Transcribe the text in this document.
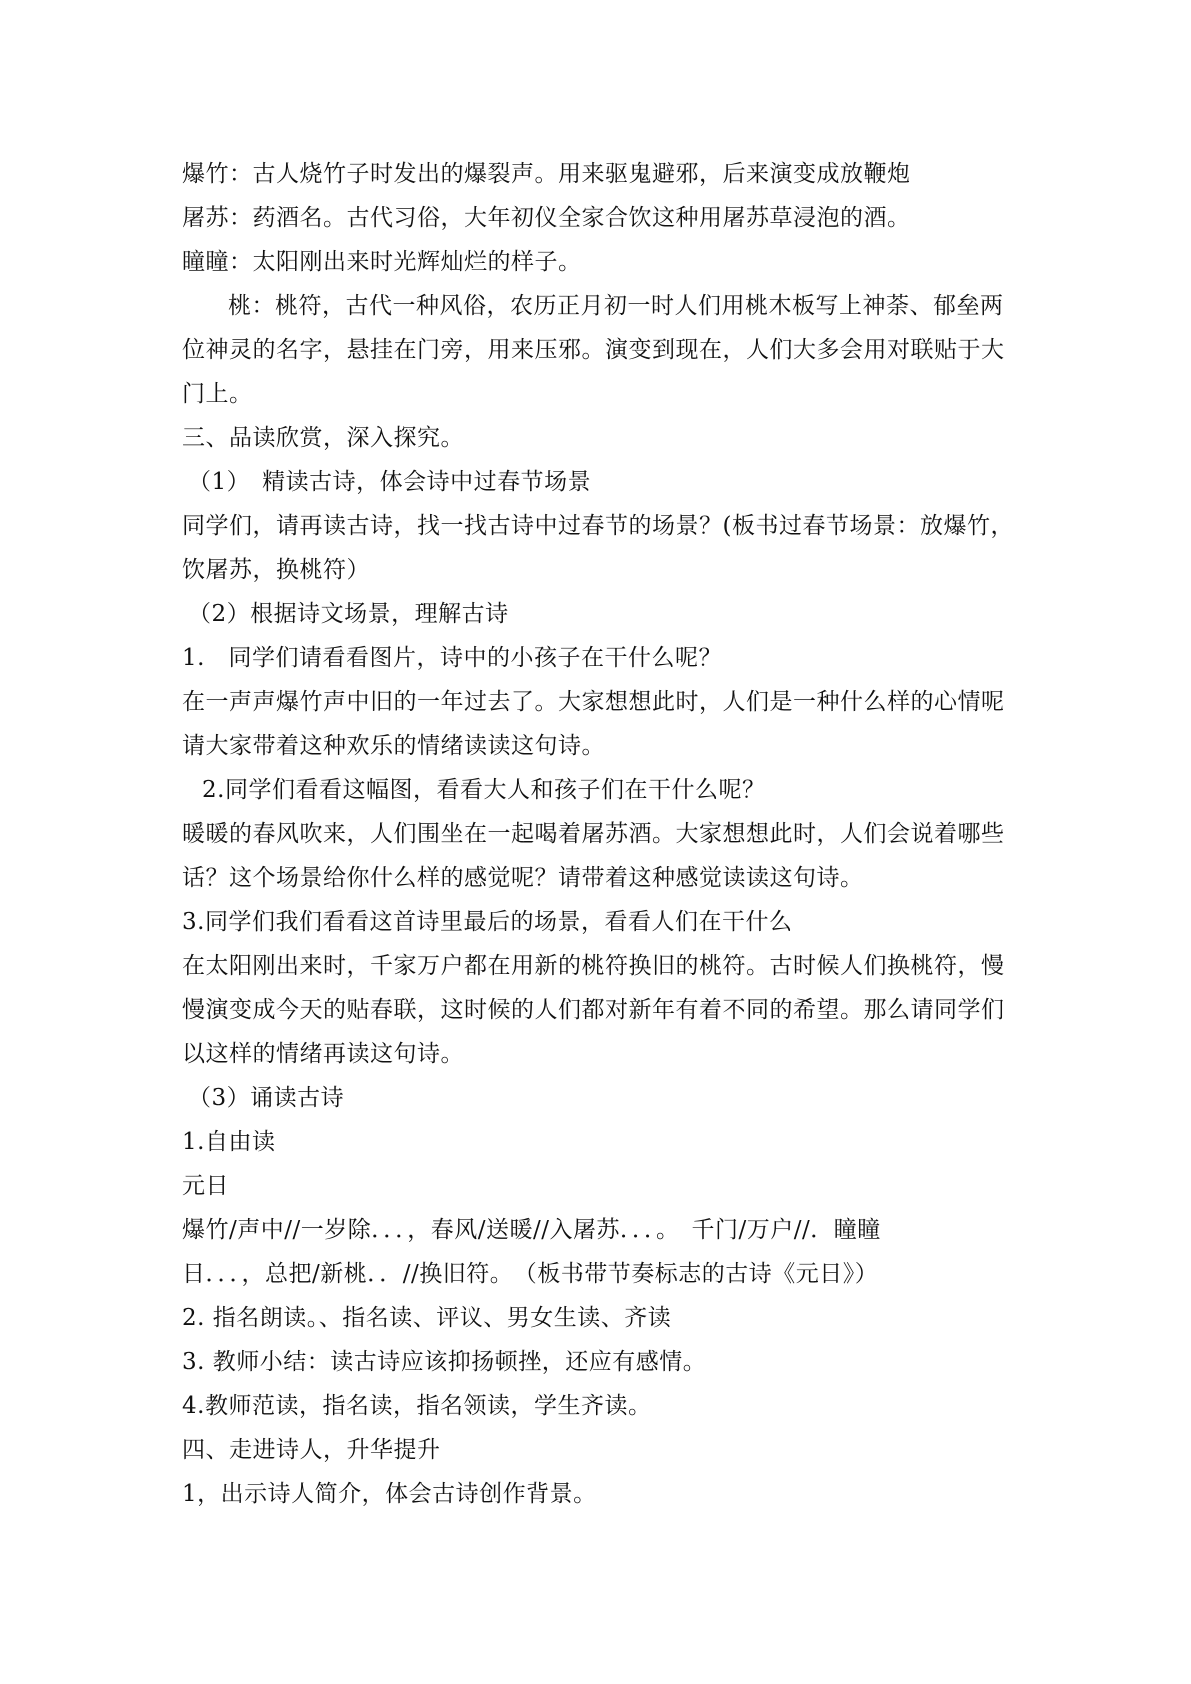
爆竹：古人烧竹子时发出的爆裂声。用来驱鬼避邪，后来演变成放鞭炮
屠苏：药酒名。古代习俗，大年初仪全家合饮这种用屠苏草浸泡的酒。
瞳瞳：太阳刚出来时光辉灿烂的样子。
桃：桃符，古代一种风俗，农历正月初一时人们用桃木板写上神荼、郁垒两
位神灵的名字，悬挂在门旁，用来压邪。演变到现在，人们大多会用对联贴于大
门上。
三、品读欣赏，深入探究。
（1）　精读古诗，体会诗中过春节场景
同学们，请再读古诗，找一找古诗中过春节的场景？(板书过春节场景：放爆竹，
饮屠苏，换桃符）
（2）根据诗文场景，理解古诗
1.　同学们请看看图片，诗中的小孩子在干什么呢？
在一声声爆竹声中旧的一年过去了。大家想想此时，人们是一种什么样的心情呢
请大家带着这种欢乐的情绪读读这句诗。
2.同学们看看这幅图，看看大人和孩子们在干什么呢？
暖暖的春风吹来，人们围坐在一起喝着屠苏酒。大家想想此时，人们会说着哪些
话？这个场景给你什么样的感觉呢？请带着这种感觉读读这句诗。
3.同学们我们看看这首诗里最后的场景，看看人们在干什么
在太阳刚出来时，千家万户都在用新的桃符换旧的桃符。古时候人们换桃符，慢
慢演变成今天的贴春联，这时候的人们都对新年有着不同的希望。那么请同学们
以这样的情绪再读这句诗。
（3）诵读古诗
1.自由读
元日
爆竹/声中//一岁除．．．，春风/送暖//入屠苏．．．。　千门/万户//．瞳瞳
日．．．，总把/新桃．．//换旧符。　（板书带节奏标志的古诗《元日》）
2. 指名朗读。、指名读、评议、男女生读、齐读
3. 教师小结：读古诗应该抑扬顿挫，还应有感情。
4.教师范读，指名读，指名领读，学生齐读。
四、走进诗人，升华提升
1，出示诗人简介，体会古诗创作背景。
